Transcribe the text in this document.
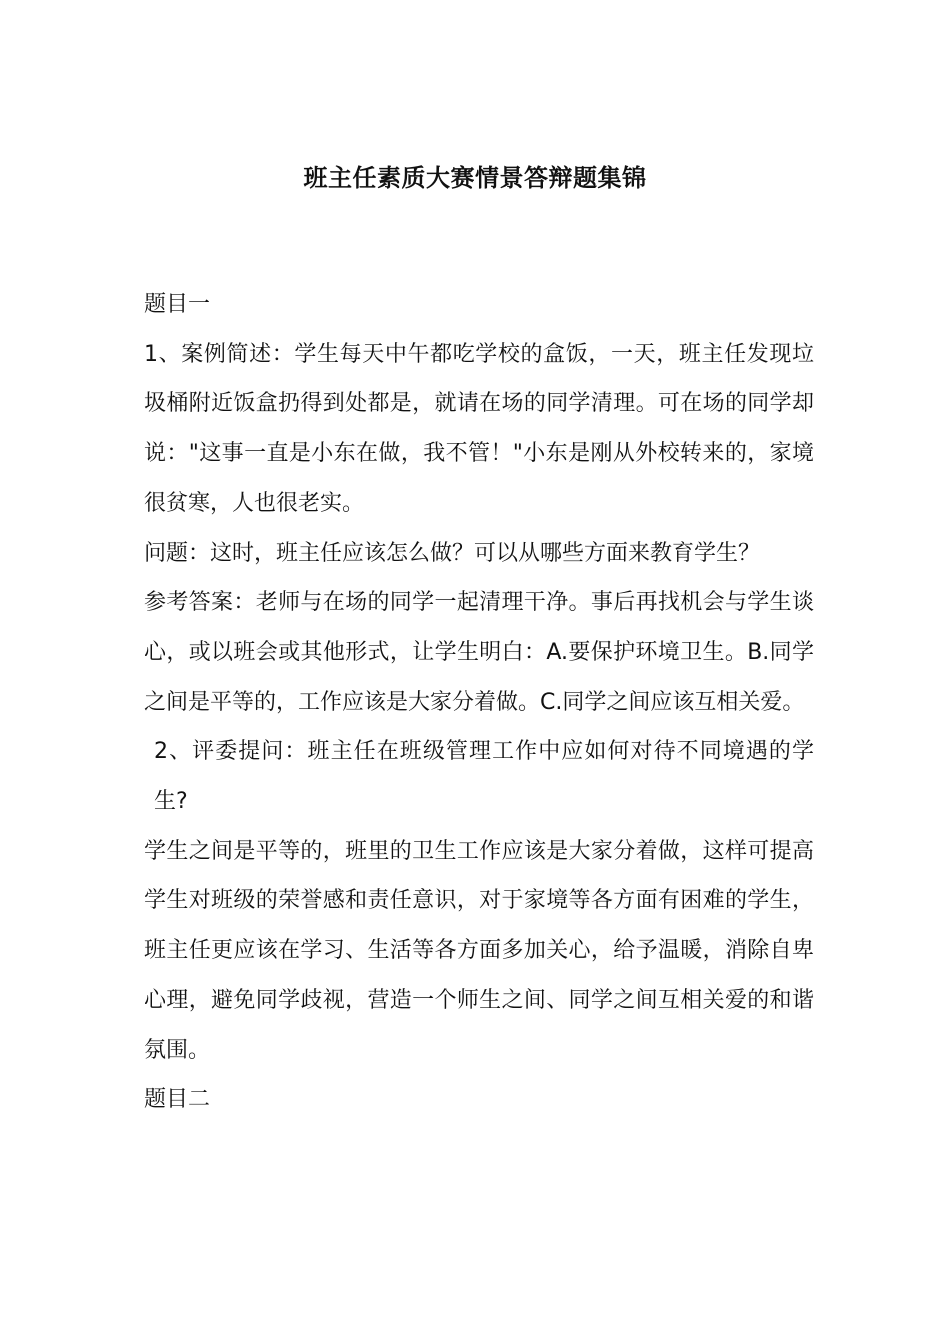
班主任素质大赛情景答辩题集锦

题目一

1、案例简述：学生每天中午都吃学校的盒饭，一天，班主任发现垃圾桶附近饭盒扔得到处都是，就请在场的同学清理。可在场的同学却说："这事一直是小东在做，我不管！"小东是刚从外校转来的，家境很贫寒，人也很老实。

问题：这时，班主任应该怎么做？可以从哪些方面来教育学生？

参考答案：老师与在场的同学一起清理干净。事后再找机会与学生谈心，或以班会或其他形式，让学生明白：A.要保护环境卫生。B.同学之间是平等的，工作应该是大家分着做。C.同学之间应该互相关爱。

2、评委提问：班主任在班级管理工作中应如何对待不同境遇的学生?

学生之间是平等的，班里的卫生工作应该是大家分着做，这样可提高学生对班级的荣誉感和责任意识，对于家境等各方面有困难的学生，班主任更应该在学习、生活等各方面多加关心，给予温暖，消除自卑心理，避免同学歧视，营造一个师生之间、同学之间互相关爱的和谐氛围。

题目二
